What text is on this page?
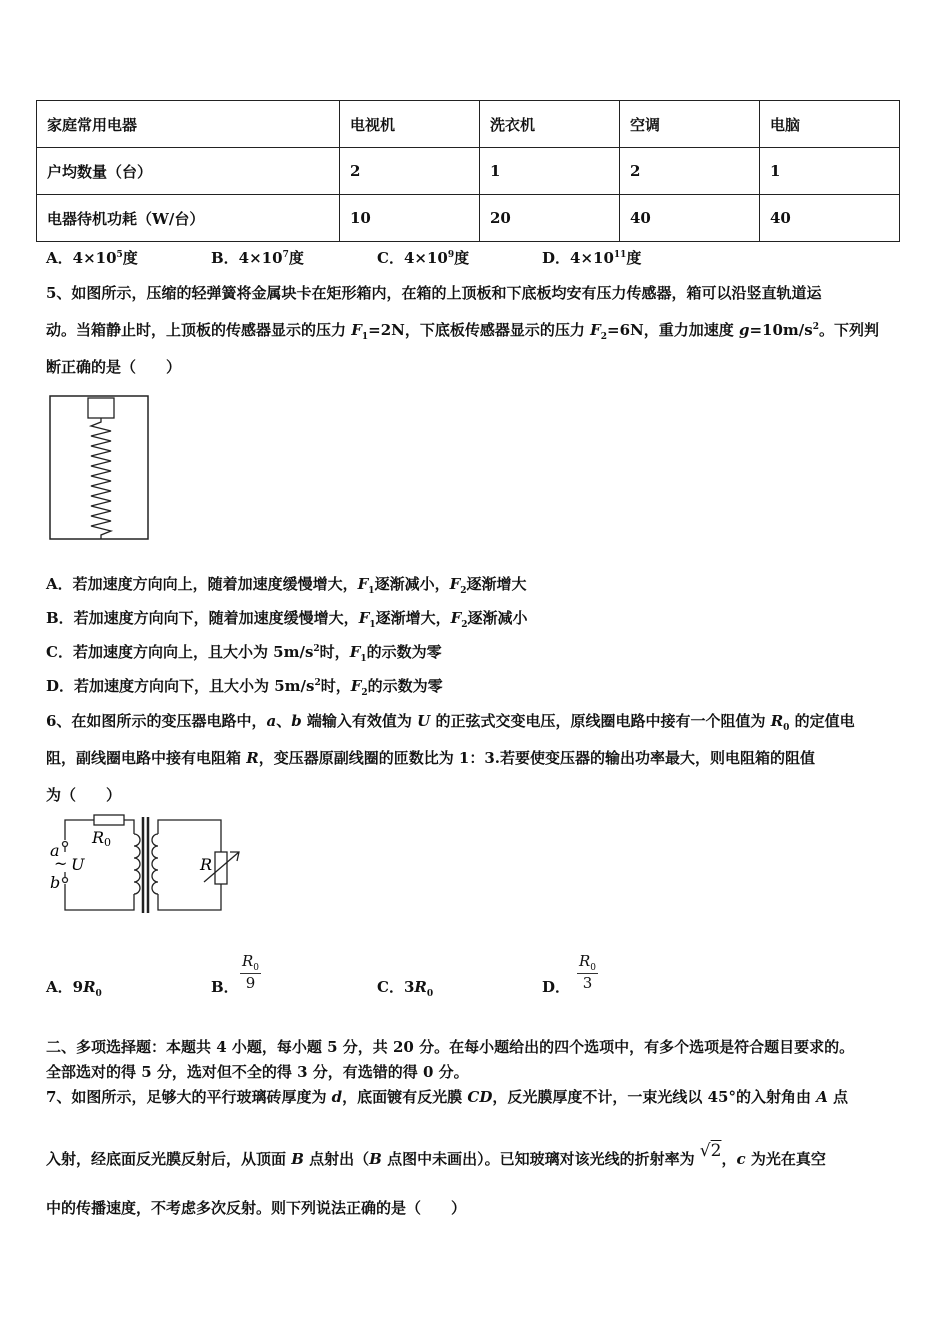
家庭常用电器	电视机	洗衣机	空调	电脑
户均数量（台）	2	1	2	1
电器待机功耗（W/台）	10	20	40	40
A．$4\times 10^5$度	B．$4\times 10^7$度	C．$4\times 10^9$度	D．$4\times 10^{11}$度
5、如图所示，压缩的轻弹簧将金属块卡在矩形箱内，在箱的上顶板和下底板均安有压力传感器，箱可以沿竖直轨道运
动。当箱静止时，上顶板的传感器显示的压力 $F_1=2N$，下底板传感器显示的压力 $F_2=6N$，重力加速度 $g=10m/s^2$。下列判
断正确的是（　　）
A．若加速度方向向上，随着加速度缓慢增大，$F_1$逐渐减小，$F_2$逐渐增大
B．若加速度方向向下，随着加速度缓慢增大，$F_1$逐渐增大，$F_2$逐渐减小
C．若加速度方向向上，且大小为 $5m/s^2$时，$F_1$的示数为零
D．若加速度方向向下，且大小为 $5m/s^2$时，$F_2$的示数为零
6、在如图所示的变压器电路中，a、b 端输入有效值为 U 的正弦式交变电压，原线圈电路中接有一个阻值为 $R_0$ 的定值电
阻，副线圈电路中接有电阻箱 R，变压器原副线圈的匝数比为 1：3.若要使变压器的输出功率最大，则电阻箱的阻值
为（　　）
a
b
~ U
R 0
R
A．$9R_0$	B． $\frac{R_0}{9}$	C．$3R_0$	D． $\frac{R_0}{3}$
二、多项选择题：本题共 4 小题，每小题 5 分，共 20 分。在每小题给出的四个选项中，有多个选项是符合题目要求的。
全部选对的得 5 分，选对但不全的得 3 分，有选错的得 0 分。
7、如图所示，足够大的平行玻璃砖厚度为 d，底面镀有反光膜 CD，反光膜厚度不计，一束光线以 45°的入射角由 A 点
入射，经底面反光膜反射后，从顶面 B 点射出（B 点图中未画出）。已知玻璃对该光线的折射率为 √2，c 为光在真空
中的传播速度，不考虑多次反射。则下列说法正确的是（　　）
